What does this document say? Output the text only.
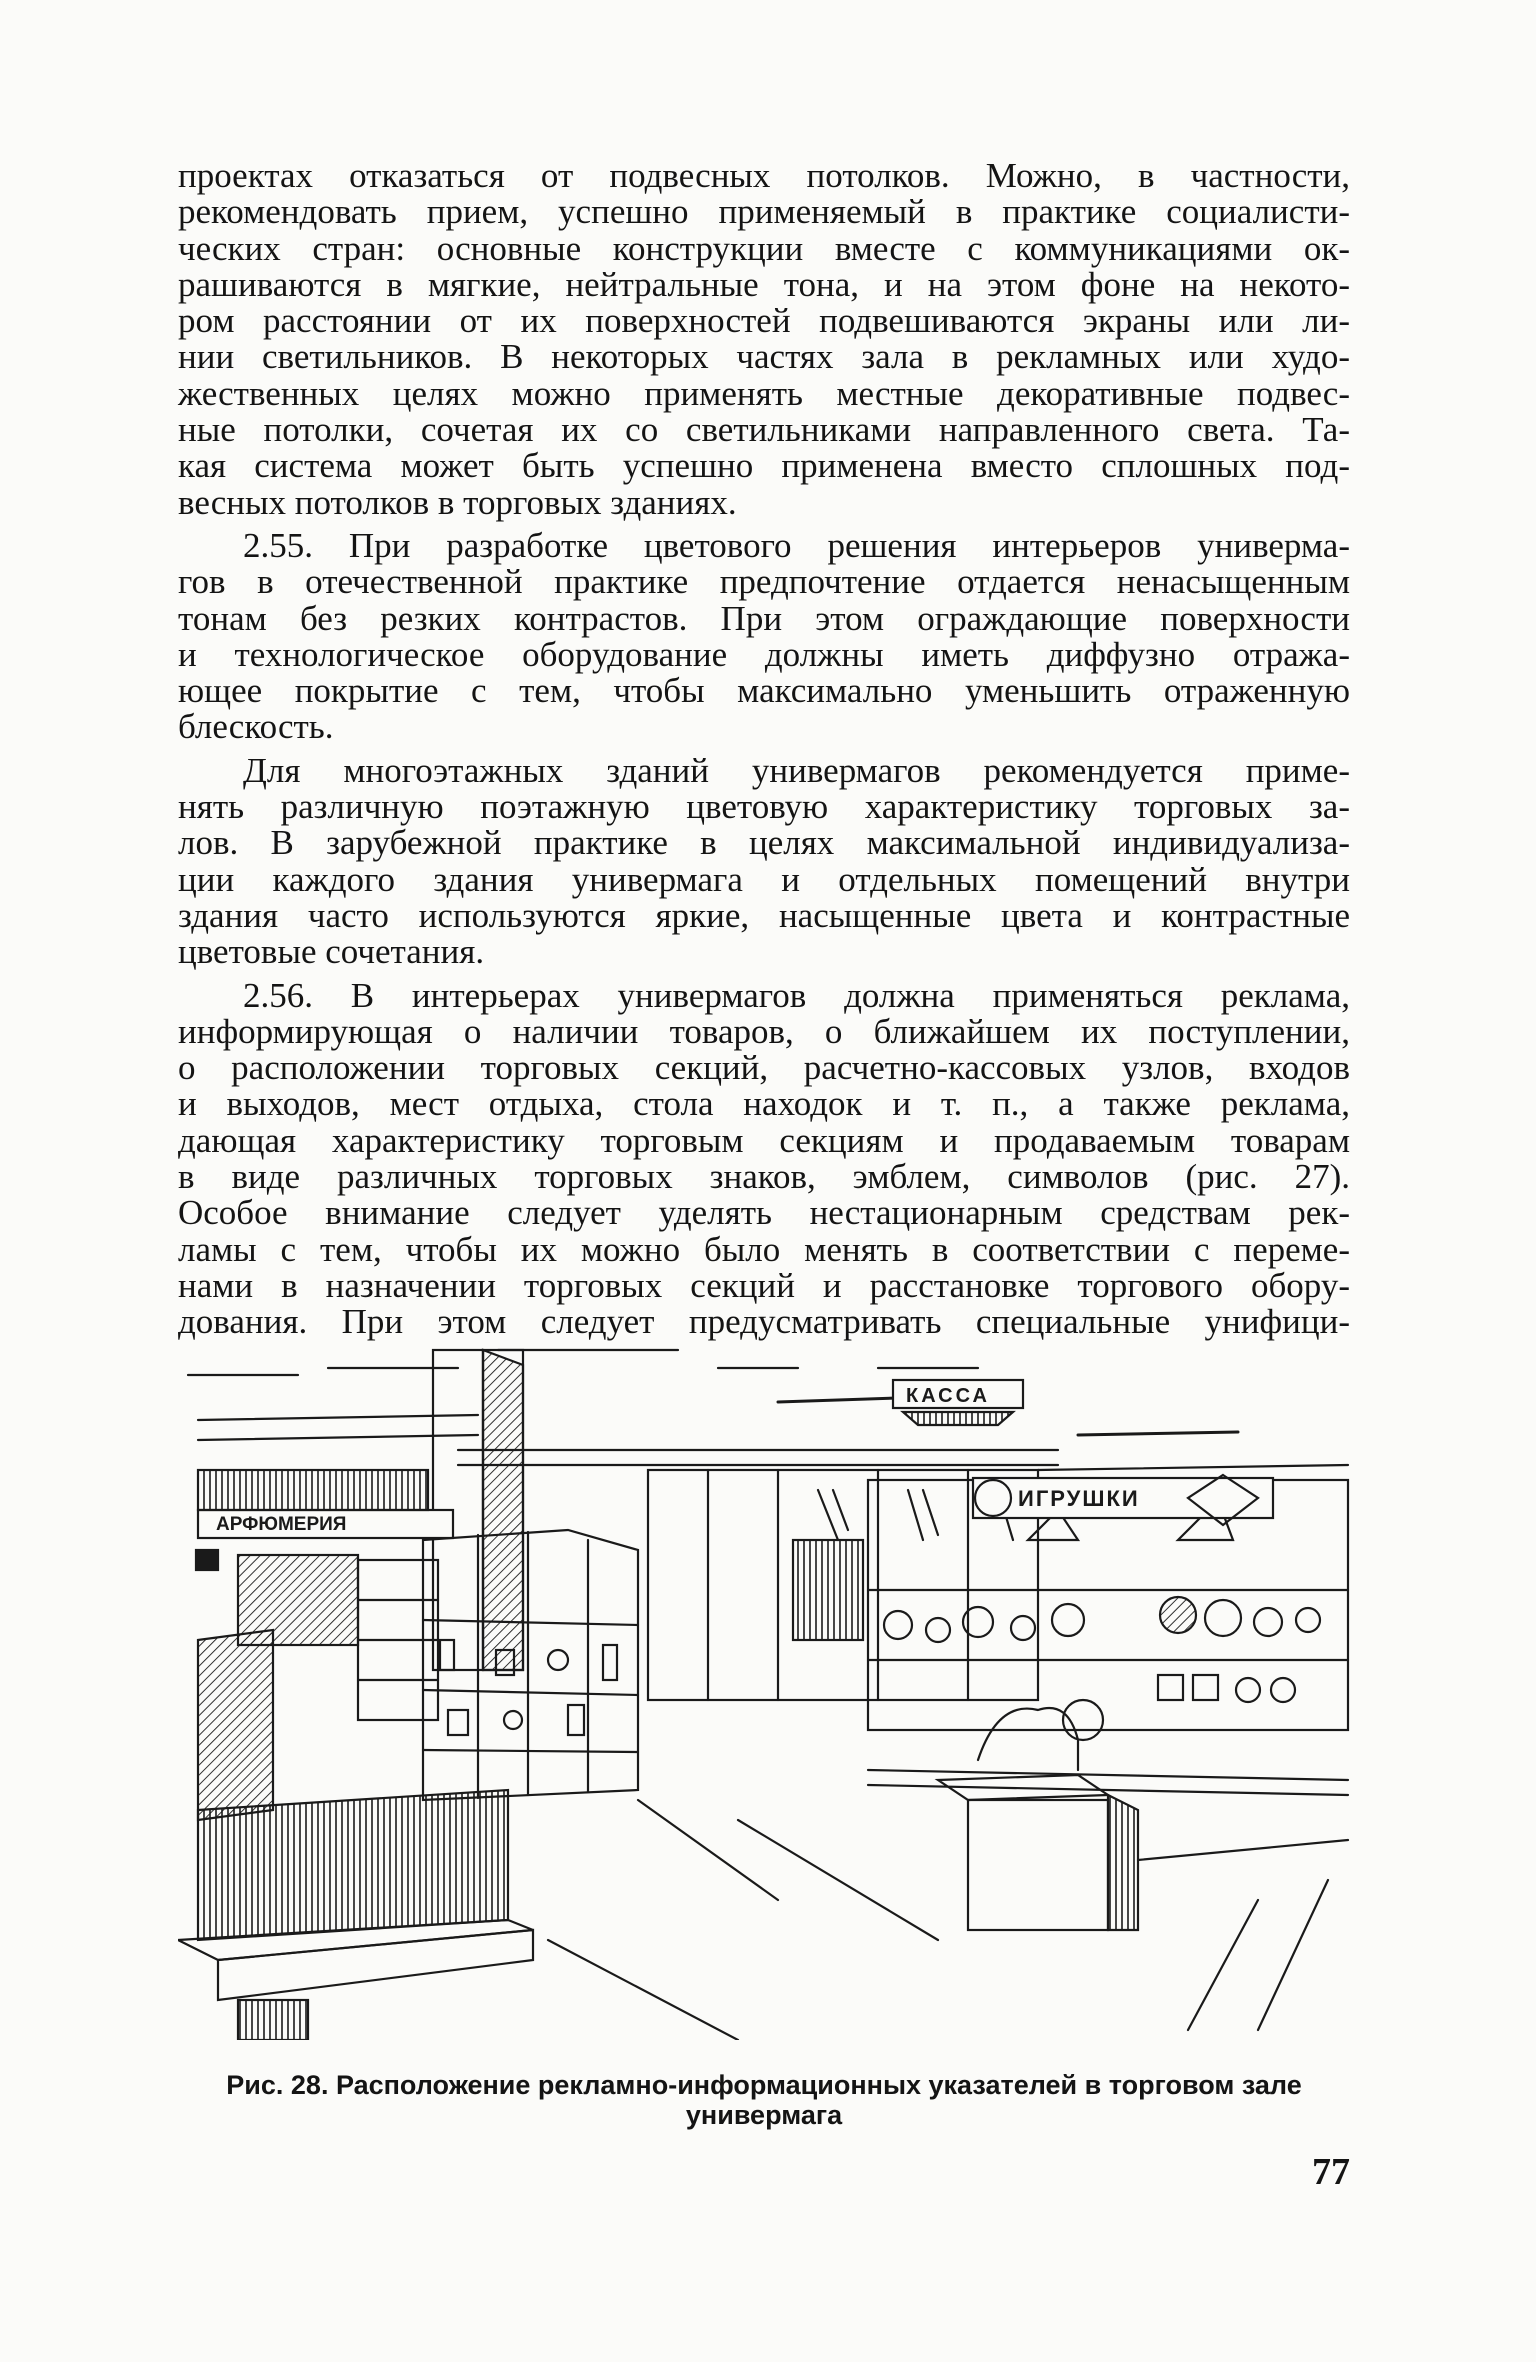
проектах отказаться от подвесных потолков. Можно, в частности,
рекомендовать прием, успешно применяемый в практике социалисти-
ческих стран: основные конструкции вместе с коммуникациями ок-
рашиваются в мягкие, нейтральные тона, и на этом фоне на некото-
ром расстоянии от их поверхностей подвешиваются экраны или ли-
нии светильников. В некоторых частях зала в рекламных или худо-
жественных целях можно применять местные декоративные подвес-
ные потолки, сочетая их со светильниками направленного света. Та-
кая система может быть успешно применена вместо сплошных под-
весных потолков в торговых зданиях.

2.55. При разработке цветового решения интерьеров универма-
гов в отечественной практике предпочтение отдается ненасыщенным
тонам без резких контрастов. При этом ограждающие поверхности
и технологическое оборудование должны иметь диффузно отража-
ющее покрытие с тем, чтобы максимально уменьшить отраженную
блескость.

Для многоэтажных зданий универмагов рекомендуется приме-
нять различную поэтажную цветовую характеристику торговых за-
лов. В зарубежной практике в целях максимальной индивидуализа-
ции каждого здания универмага и отдельных помещений внутри
здания часто используются яркие, насыщенные цвета и контрастные
цветовые сочетания.

2.56. В интерьерах универмагов должна применяться реклама,
информирующая о наличии товаров, о ближайшем их поступлении,
о расположении торговых секций, расчетно-кассовых узлов, входов
и выходов, мест отдыха, стола находок и т. п., а также реклама,
дающая характеристику торговым секциям и продаваемым товарам
в виде различных торговых знаков, эмблем, символов (рис. 27).
Особое внимание следует уделять нестационарным средствам рек-
ламы с тем, чтобы их можно было менять в соответствии с переме-
нами в назначении торговых секций и расстановке торгового обору-
дования. При этом следует предусматривать специальные унифици-

АРФЮМЕРИЯ
КАССА
ИГРУШКИ
Рис. 28. Расположение рекламно-информационных указателей в торговом зале универмага
77
